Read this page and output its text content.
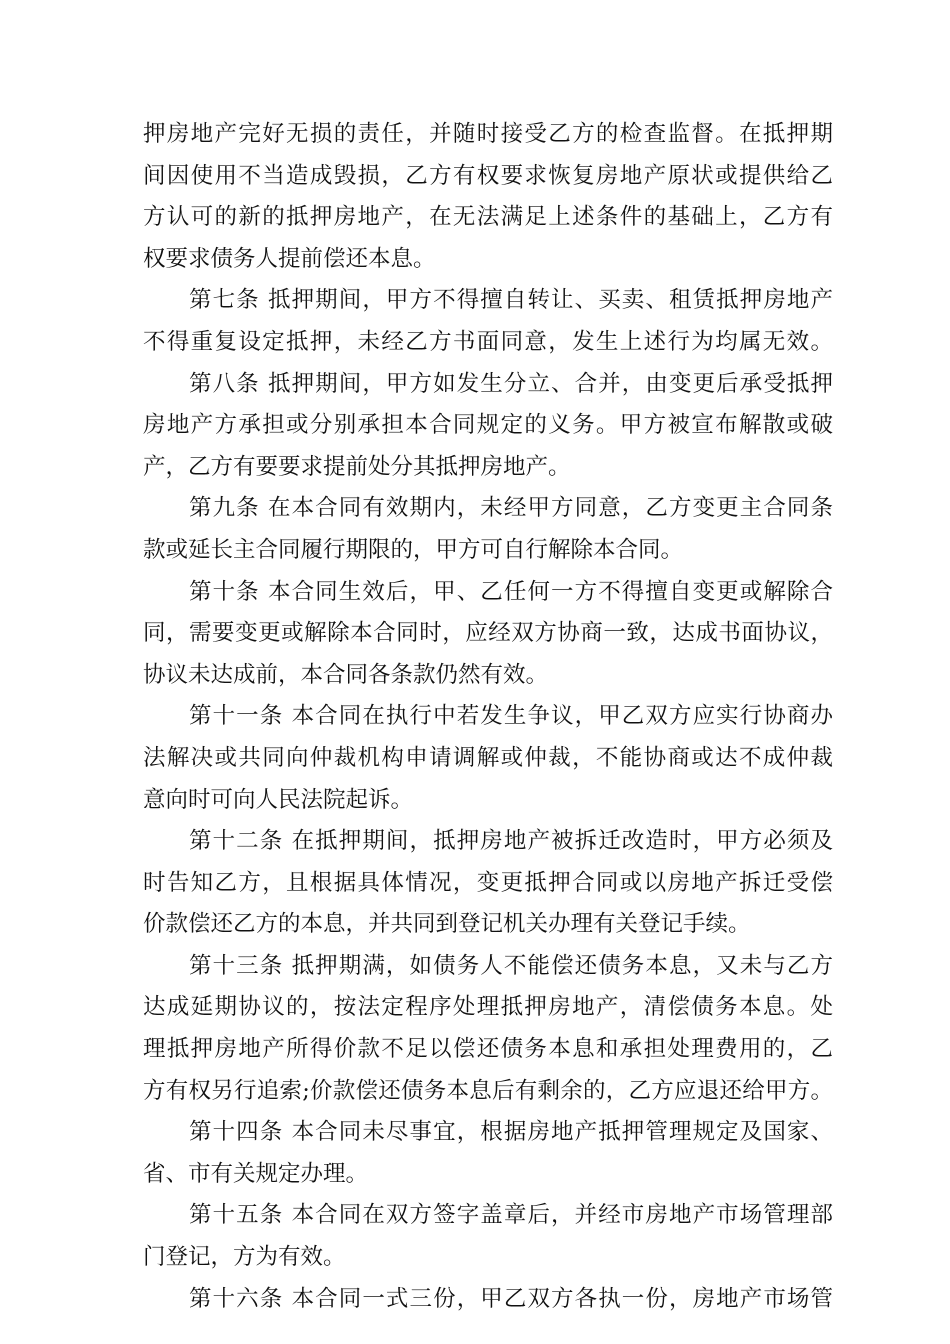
押房地产完好无损的责任，并随时接受乙方的检查监督。在抵押期
间因使用不当造成毁损，乙方有权要求恢复房地产原状或提供给乙
方认可的新的抵押房地产，在无法满足上述条件的基础上，乙方有
权要求债务人提前偿还本息。
第七条 抵押期间，甲方不得擅自转让、买卖、租赁抵押房地产
不得重复设定抵押，未经乙方书面同意，发生上述行为均属无效。
第八条 抵押期间，甲方如发生分立、合并，由变更后承受抵押
房地产方承担或分别承担本合同规定的义务。甲方被宣布解散或破
产，乙方有要要求提前处分其抵押房地产。
第九条 在本合同有效期内，未经甲方同意，乙方变更主合同条
款或延长主合同履行期限的，甲方可自行解除本合同。
第十条 本合同生效后，甲、乙任何一方不得擅自变更或解除合
同，需要变更或解除本合同时，应经双方协商一致，达成书面协议，
协议未达成前，本合同各条款仍然有效。
第十一条 本合同在执行中若发生争议，甲乙双方应实行协商办
法解决或共同向仲裁机构申请调解或仲裁，不能协商或达不成仲裁
意向时可向人民法院起诉。
第十二条 在抵押期间，抵押房地产被拆迁改造时，甲方必须及
时告知乙方，且根据具体情况，变更抵押合同或以房地产拆迁受偿
价款偿还乙方的本息，并共同到登记机关办理有关登记手续。
第十三条 抵押期满，如债务人不能偿还债务本息，又未与乙方
达成延期协议的，按法定程序处理抵押房地产，清偿债务本息。处
理抵押房地产所得价款不足以偿还债务本息和承担处理费用的，乙
方有权另行追索;价款偿还债务本息后有剩余的，乙方应退还给甲方。
第十四条 本合同未尽事宜，根据房地产抵押管理规定及国家、
省、市有关规定办理。
第十五条 本合同在双方签字盖章后，并经市房地产市场管理部
门登记，方为有效。
第十六条 本合同一式三份，甲乙双方各执一份，房地产市场管
